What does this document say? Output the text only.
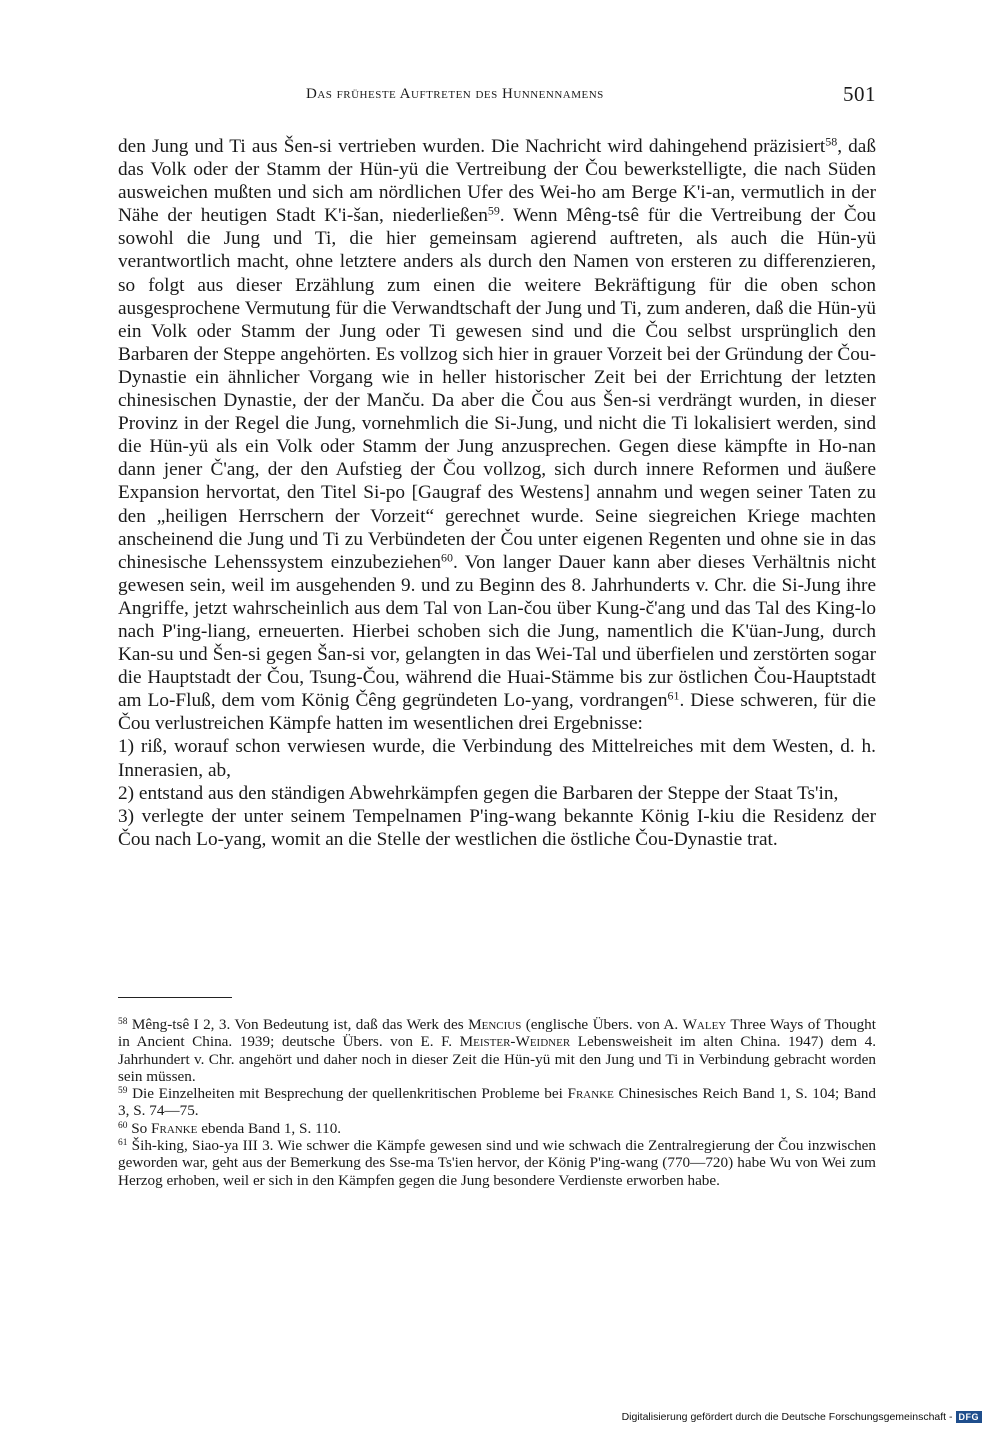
Das früheste Auftreten des Hunnennamens	501

den Jung und Ti aus Šen-si vertrieben wurden. Die Nachricht wird dahingehend präzisiert$^{58}$, daß das Volk oder der Stamm der Hün-yü die Vertreibung der Čou bewerkstelligte, die nach Süden ausweichen mußten und sich am nördlichen Ufer des Wei-ho am Berge K'i-an, vermutlich in der Nähe der heutigen Stadt K'i-šan, niederließen$^{59}$. Wenn Mêng-tsê für die Vertreibung der Čou sowohl die Jung und Ti, die hier gemeinsam agierend auftreten, als auch die Hün-yü verantwortlich macht, ohne letztere anders als durch den Namen von ersteren zu differenzieren, so folgt aus dieser Erzählung zum einen die weitere Bekräftigung für die oben schon ausgesprochene Vermutung für die Verwandtschaft der Jung und Ti, zum anderen, daß die Hün-yü ein Volk oder Stamm der Jung oder Ti gewesen sind und die Čou selbst ursprünglich den Barbaren der Steppe angehörten. Es vollzog sich hier in grauer Vorzeit bei der Gründung der Čou-Dynastie ein ähnlicher Vorgang wie in heller historischer Zeit bei der Errichtung der letzten chinesischen Dynastie, der der Manču. Da aber die Čou aus Šen-si verdrängt wurden, in dieser Provinz in der Regel die Jung, vornehmlich die Si-Jung, und nicht die Ti lokalisiert werden, sind die Hün-yü als ein Volk oder Stamm der Jung anzusprechen. Gegen diese kämpfte in Ho-nan dann jener Č'ang, der den Aufstieg der Čou vollzog, sich durch innere Reformen und äußere Expansion hervortat, den Titel Si-po [Gaugraf des Westens] annahm und wegen seiner Taten zu den „heiligen Herrschern der Vorzeit“ gerechnet wurde. Seine siegreichen Kriege machten anscheinend die Jung und Ti zu Verbündeten der Čou unter eigenen Regenten und ohne sie in das chinesische Lehenssystem einzubeziehen$^{60}$. Von langer Dauer kann aber dieses Verhältnis nicht gewesen sein, weil im ausgehenden 9. und zu Beginn des 8. Jahrhunderts v. Chr. die Si-Jung ihre Angriffe, jetzt wahrscheinlich aus dem Tal von Lan-čou über Kung-č'ang und das Tal des King-lo nach P'ing-liang, erneuerten. Hierbei schoben sich die Jung, namentlich die K'üan-Jung, durch Kan-su und Šen-si gegen Šan-si vor, gelangten in das Wei-Tal und überfielen und zerstörten sogar die Hauptstadt der Čou, Tsung-Čou, während die Huai-Stämme bis zur östlichen Čou-Hauptstadt am Lo-Fluß, dem vom König Čêng gegründeten Lo-yang, vordrangen$^{61}$. Diese schweren, für die Čou verlustreichen Kämpfe hatten im wesentlichen drei Ergebnisse:

1) riß, worauf schon verwiesen wurde, die Verbindung des Mittelreiches mit dem Westen, d. h. Innerasien, ab,

2) entstand aus den ständigen Abwehrkämpfen gegen die Barbaren der Steppe der Staat Ts'in,

3) verlegte der unter seinem Tempelnamen P'ing-wang bekannte König I-kiu die Residenz der Čou nach Lo-yang, womit an die Stelle der westlichen die östliche Čou-Dynastie trat.

$^{58}$ Mêng-tsê I 2, 3. Von Bedeutung ist, daß das Werk des Mencius (englische Übers. von A. Waley Three Ways of Thought in Ancient China. 1939; deutsche Übers. von E. F. Meister-Weidner Lebensweisheit im alten China. 1947) dem 4. Jahrhundert v. Chr. angehört und daher noch in dieser Zeit die Hün-yü mit den Jung und Ti in Verbindung gebracht worden sein müssen.

$^{59}$ Die Einzelheiten mit Besprechung der quellenkritischen Probleme bei Franke Chinesisches Reich Band 1, S. 104; Band 3, S. 74—75.

$^{60}$ So Franke ebenda Band 1, S. 110.

$^{61}$ Ših-king, Siao-ya III 3. Wie schwer die Kämpfe gewesen sind und wie schwach die Zentralregierung der Čou inzwischen geworden war, geht aus der Bemerkung des Sse-ma Ts'ien hervor, der König P'ing-wang (770—720) habe Wu von Wei zum Herzog erhoben, weil er sich in den Kämpfen gegen die Jung besondere Verdienste erworben habe.

Digitalisierung gefördert durch die Deutsche Forschungsgemeinschaft - DFG
